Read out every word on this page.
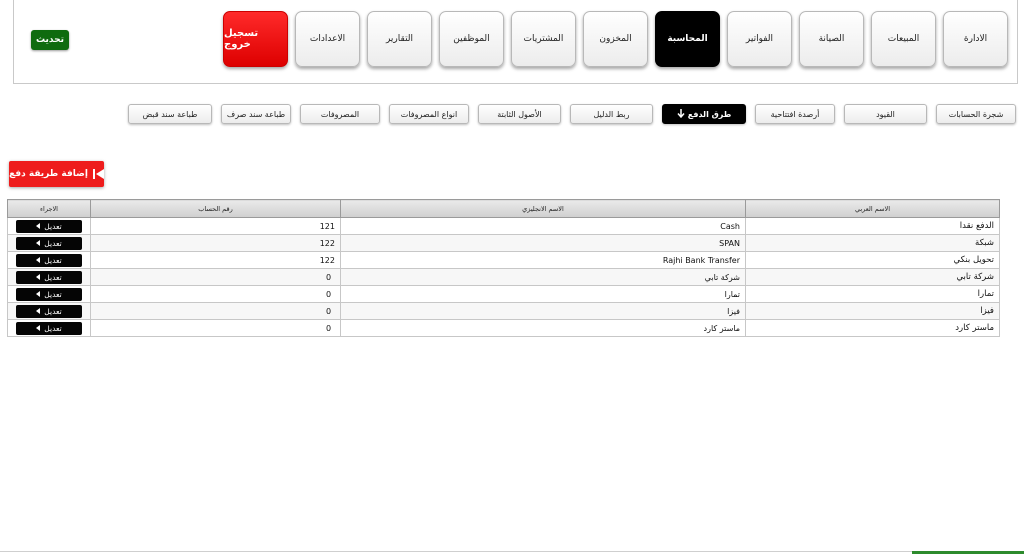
تحديث	الادارة
المبيعات
الصيانة
الفواتير
المحاسبة
المخزون
المشتريات
الموظفين
التقارير
الاعدادات
تسجيل خروج
شجرة الحسابات
القيود
أرصدة افتتاحية
طرق الدفع
ربط الدليل
الأصول الثابتة
انواع المصروفات
المصروفات
طباعة سند صرف
طباعة سند قبض
إضافة طريقة دفع
الاسم العربي	الاسم الانجليزي	رقم الحساب	الاجراء
الدفع نقدا	Cash	121	تعديل

شبكة	SPAN	122	تعديل

تحويل بنكي	Rajhi Bank Transfer	122	تعديل

شركة تابي	شركة تابي	0	تعديل

تمارا	تمارا	0	تعديل

فيزا	فيزا	0	تعديل

ماستر كارد	ماستر كارد	0	تعديل
